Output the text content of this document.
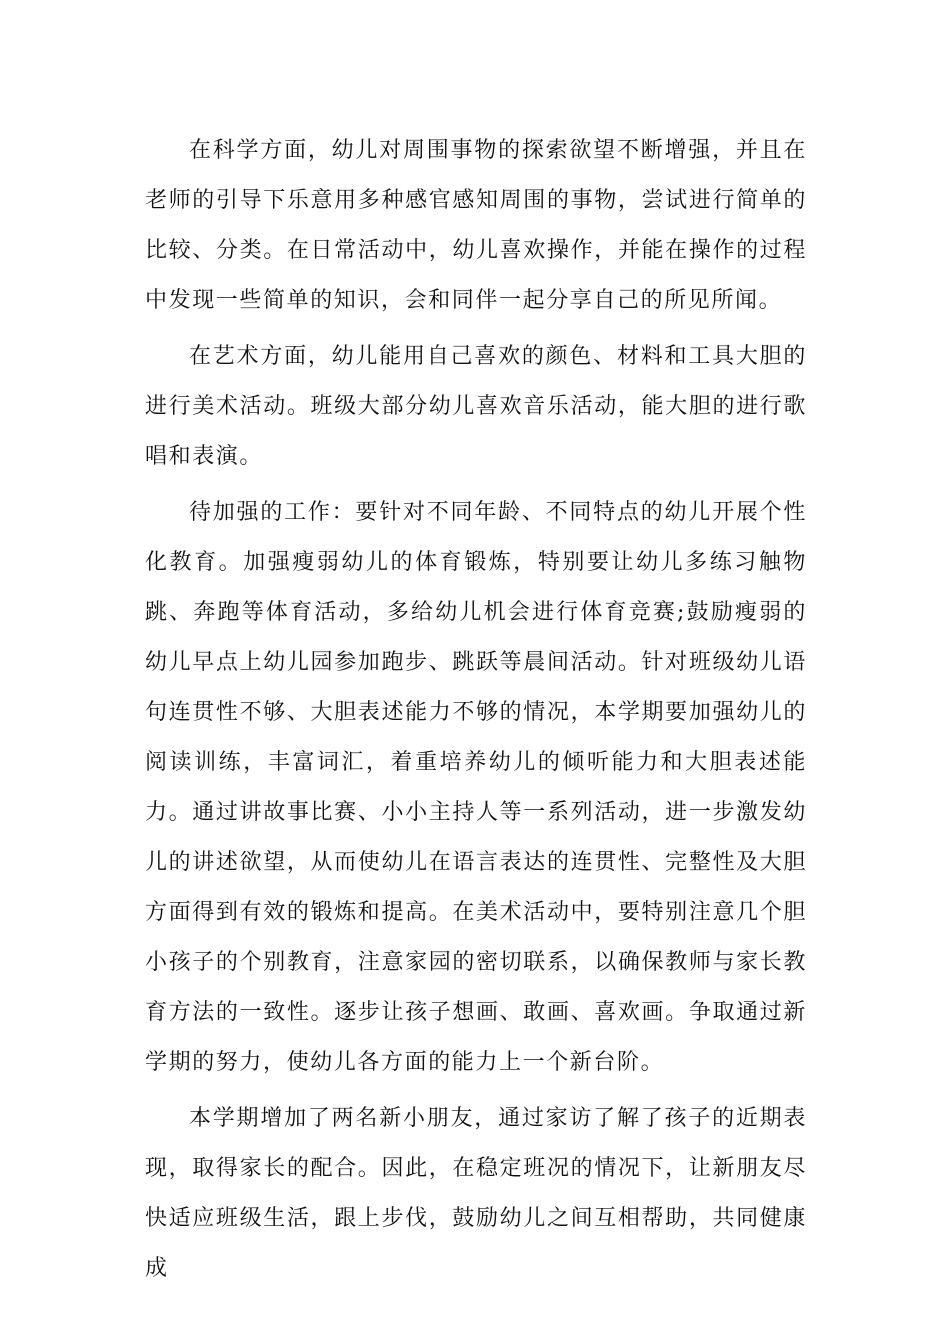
在科学方面，幼儿对周围事物的探索欲望不断增强，并且在老师的引导下乐意用多种感官感知周围的事物，尝试进行简单的比较、分类。在日常活动中，幼儿喜欢操作，并能在操作的过程中发现一些简单的知识，会和同伴一起分享自己的所见所闻。

在艺术方面，幼儿能用自己喜欢的颜色、材料和工具大胆的进行美术活动。班级大部分幼儿喜欢音乐活动，能大胆的进行歌唱和表演。

待加强的工作：要针对不同年龄、不同特点的幼儿开展个性化教育。加强瘦弱幼儿的体育锻炼，特别要让幼儿多练习触物跳、奔跑等体育活动，多给幼儿机会进行体育竞赛;鼓励瘦弱的幼儿早点上幼儿园参加跑步、跳跃等晨间活动。针对班级幼儿语句连贯性不够、大胆表述能力不够的情况，本学期要加强幼儿的阅读训练，丰富词汇，着重培养幼儿的倾听能力和大胆表述能力。通过讲故事比赛、小小主持人等一系列活动，进一步激发幼儿的讲述欲望，从而使幼儿在语言表达的连贯性、完整性及大胆方面得到有效的锻炼和提高。在美术活动中，要特别注意几个胆小孩子的个别教育，注意家园的密切联系，以确保教师与家长教育方法的一致性。逐步让孩子想画、敢画、喜欢画。争取通过新学期的努力，使幼儿各方面的能力上一个新台阶。

本学期增加了两名新小朋友，通过家访了解了孩子的近期表现，取得家长的配合。因此，在稳定班况的情况下，让新朋友尽快适应班级生活，跟上步伐，鼓励幼儿之间互相帮助，共同健康成
